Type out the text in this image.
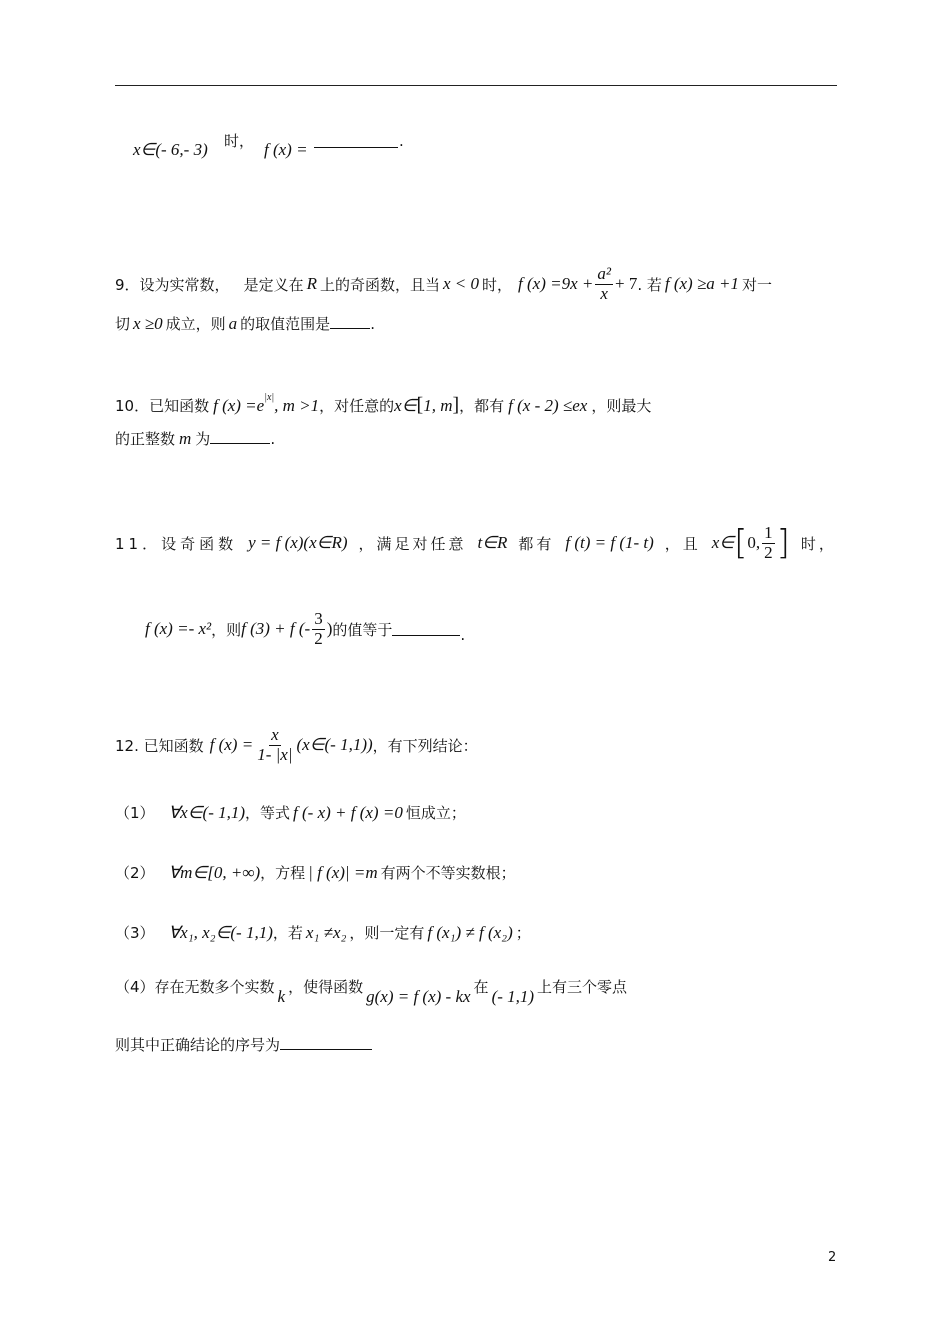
x∈(- 6,- 3) 时， f (x) =	.
9．设 为实常数， 是定义在 R 上的奇函数，且当 x < 0 时， f $(x) =9x + \frac{\text{a²}}{x} + 7$ . 若 f (x) ≥a +1 对一
切 x ≥0 成立，则 a 的取值范围是	.
10．已知函数 f $(x) =e^{|x|}$ , m >1 ，对任意的 x∈ [ 1, m ] ，都有 f (x - 2) ≤ex ，则最大
的正整数 m 为	.
11．设奇函数 y = f (x)(x∈R) ，满足对任意 t∈R 都有 f (t) = f (1- t) ，且 x∈ [ 0, $\frac{1}{2}$ ] 时，
f (x) =- x² ，则 f (3) + f (- $\frac{3}{2}$ ) 的值等于	.
12. 已知函数 f $(x) = \frac{x}{1- |x|}$ (x∈(- 1,1)) ，有下列结论：
（1） ∀x∈(- 1,1) ，等式 f (- x) + f (x) =0 恒成立；
（2） ∀m∈[0, +∞) ，方程 | f (x)| =m 有两个不等实数根；
（3） ∀x₁, x₂∈(- 1,1) ，若 x₁ ≠x₂ ，则一定有 f (x₁) ≠ f (x₂) ；
（4）存在无数多个实数 k ，使得函数 g(x) = f (x) - kx 在 (- 1,1) 上有三个零点
则其中正确结论的序号为
2
